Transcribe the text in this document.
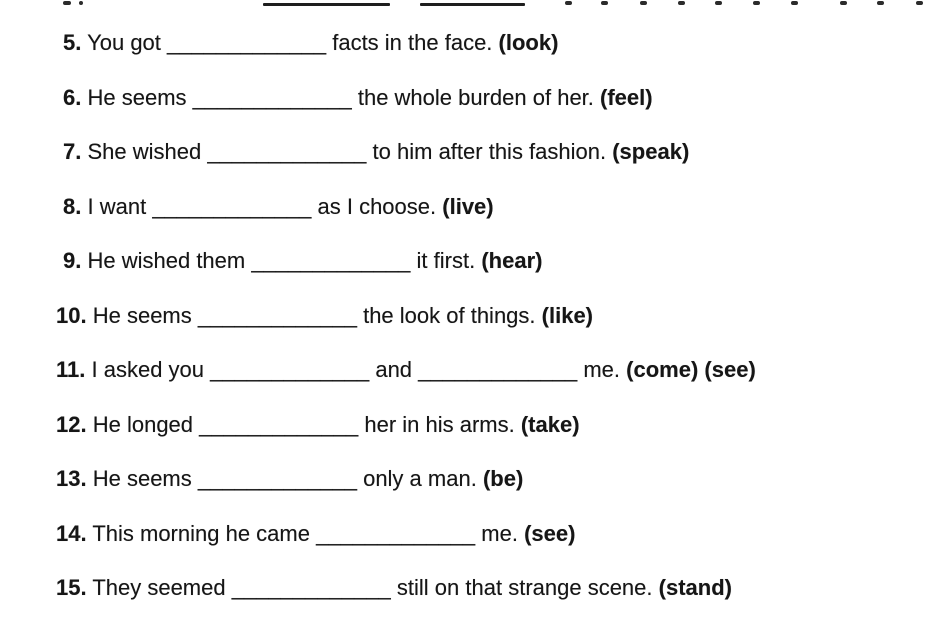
5. You got _____________ facts in the face. (look)
6. He seems _____________ the whole burden of her. (feel)
7. She wished _____________ to him after this fashion. (speak)
8. I want _____________ as I choose. (live)
9. He wished them _____________ it first. (hear)
10. He seems _____________ the look of things. (like)
11. I asked you _____________ and _____________ me. (come) (see)
12. He longed _____________ her in his arms. (take)
13. He seems _____________ only a man. (be)
14. This morning he came _____________ me. (see)
15. They seemed _____________ still on that strange scene. (stand)
